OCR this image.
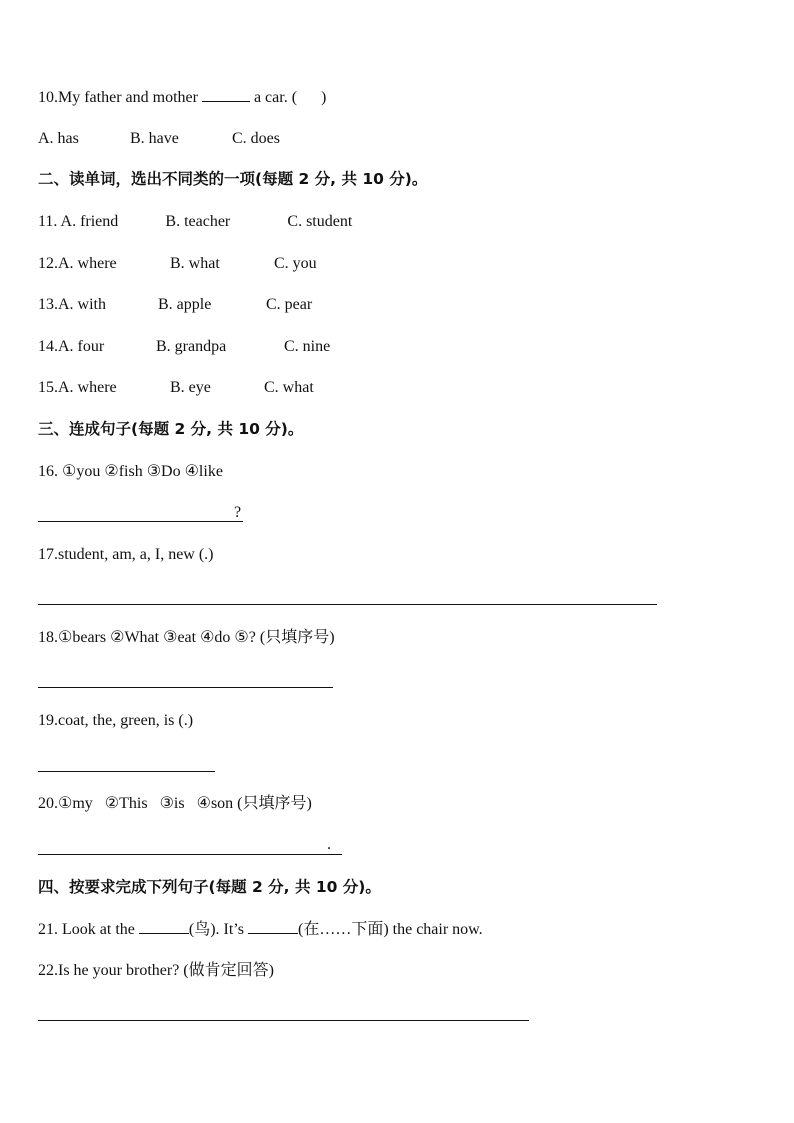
10.My father and mother	a car. ( )
A. has	B. have	C. does
二、读单词，选出不同类的一项(每题 2 分, 共 10 分)。
11. A. friend	B. teacher	C. student
12.A. where	B. what	C. you
13.A. with	B. apple	C. pear
14.A. four	B. grandpa	C. nine
15.A. where	B. eye	C. what
三、连成句子(每题 2 分, 共 10 分)。
16. ①you ②fish ③Do ④like
?
17.student, am, a, I, new (.)
18.①bears ②What ③eat ④do ⑤? (只填序号)
19.coat, the, green, is (.)
20.①my   ②This   ③is   ④son (只填序号)
.
四、按要求完成下列句子(每题 2 分, 共 10 分)。
21. Look at the	(鸟). It’s	(在……下面) the chair now.
22.Is he your brother? (做肯定回答)
